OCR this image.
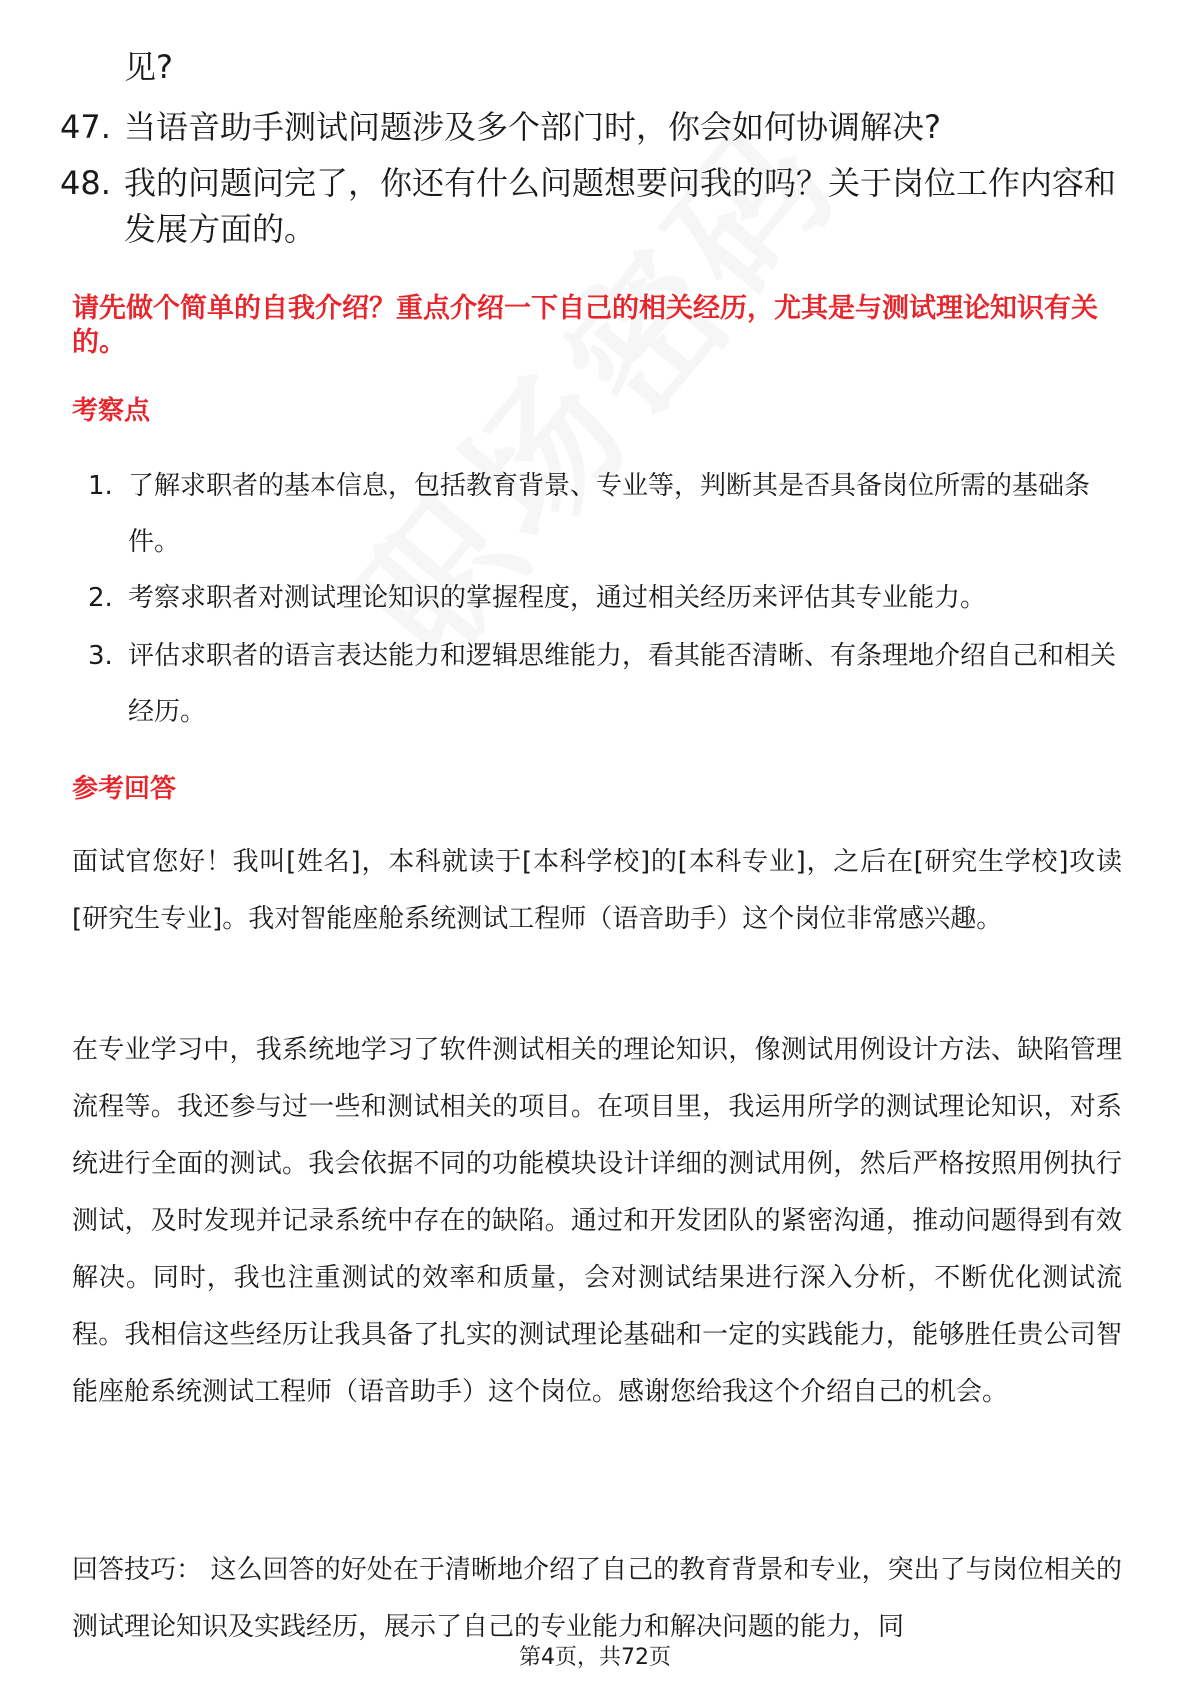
见?
47. 当语音助手测试问题涉及多个部门时，你会如何协调解决?
48. 我的问题问完了，你还有什么问题想要问我的吗？关于岗位工作内容和发展方面的。
请先做个简单的自我介绍？重点介绍一下自己的相关经历，尤其是与测试理论知识有关的。
考察点
1. 了解求职者的基本信息，包括教育背景、专业等，判断其是否具备岗位所需的基础条件。
2. 考察求职者对测试理论知识的掌握程度，通过相关经历来评估其专业能力。
3. 评估求职者的语言表达能力和逻辑思维能力，看其能否清晰、有条理地介绍自己和相关经历。
参考回答
面试官您好！我叫[姓名]，本科就读于[本科学校]的[本科专业]，之后在[研究生学校]攻读[研究生专业]。我对智能座舱系统测试工程师（语音助手）这个岗位非常感兴趣。
在专业学习中，我系统地学习了软件测试相关的理论知识，像测试用例设计方法、缺陷管理流程等。我还参与过一些和测试相关的项目。在项目里，我运用所学的测试理论知识，对系统进行全面的测试。我会依据不同的功能模块设计详细的测试用例，然后严格按照用例执行测试，及时发现并记录系统中存在的缺陷。通过和开发团队的紧密沟通，推动问题得到有效解决。同时，我也注重测试的效率和质量，会对测试结果进行深入分析，不断优化测试流程。我相信这些经历让我具备了扎实的测试理论基础和一定的实践能力，能够胜任贵公司智能座舱系统测试工程师（语音助手）这个岗位。感谢您给我这个介绍自己的机会。
回答技巧： 这么回答的好处在于清晰地介绍了自己的教育背景和专业，突出了与岗位相关的测试理论知识及实践经历，展示了自己的专业能力和解决问题的能力，同
第4页，共72页
